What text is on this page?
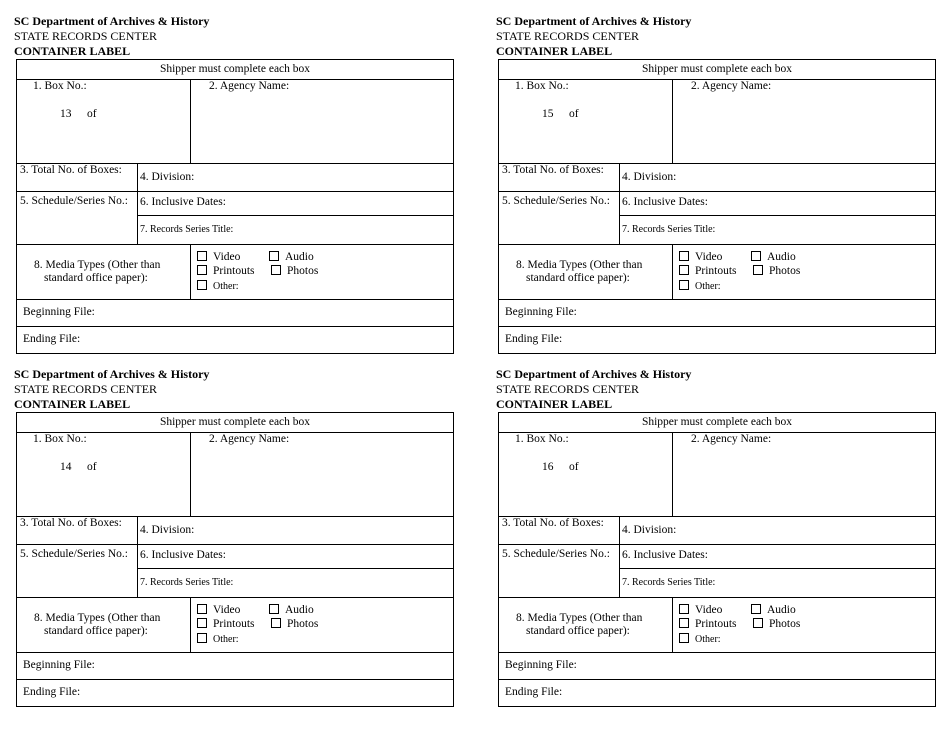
SC Department of Archives & History
STATE RECORDS CENTER
CONTAINER LABEL
Shipper must complete each box
1. Box No.:
13 of
2. Agency Name:
3. Total No. of Boxes:
4. Division:
5. Schedule/Series No.: 6. Inclusive Dates:
7. Records Series Title:
8. Media Types (Other than
standard office paper):
Video	Audio
Printouts	Photos
Other:
Beginning File:
Ending File:
SC Department of Archives & History
STATE RECORDS CENTER
CONTAINER LABEL
Shipper must complete each box
1. Box No.:
15 of
2. Agency Name:
3. Total No. of Boxes:
4. Division:
5. Schedule/Series No.: 6. Inclusive Dates:
7. Records Series Title:
8. Media Types (Other than
standard office paper):
Video	Audio
Printouts	Photos
Other:
Beginning File:
Ending File:
SC Department of Archives & History
STATE RECORDS CENTER
CONTAINER LABEL
Shipper must complete each box
1. Box No.:
14 of
2. Agency Name:
3. Total No. of Boxes:
4. Division:
5. Schedule/Series No.: 6. Inclusive Dates:
7. Records Series Title:
8. Media Types (Other than
standard office paper):
Video	Audio
Printouts	Photos
Other:
Beginning File:
Ending File:
SC Department of Archives & History
STATE RECORDS CENTER
CONTAINER LABEL
Shipper must complete each box
1. Box No.:
16 of
2. Agency Name:
3. Total No. of Boxes:
4. Division:
5. Schedule/Series No.: 6. Inclusive Dates:
7. Records Series Title:
8. Media Types (Other than
standard office paper):
Video	Audio
Printouts	Photos
Other:
Beginning File:
Ending File:
